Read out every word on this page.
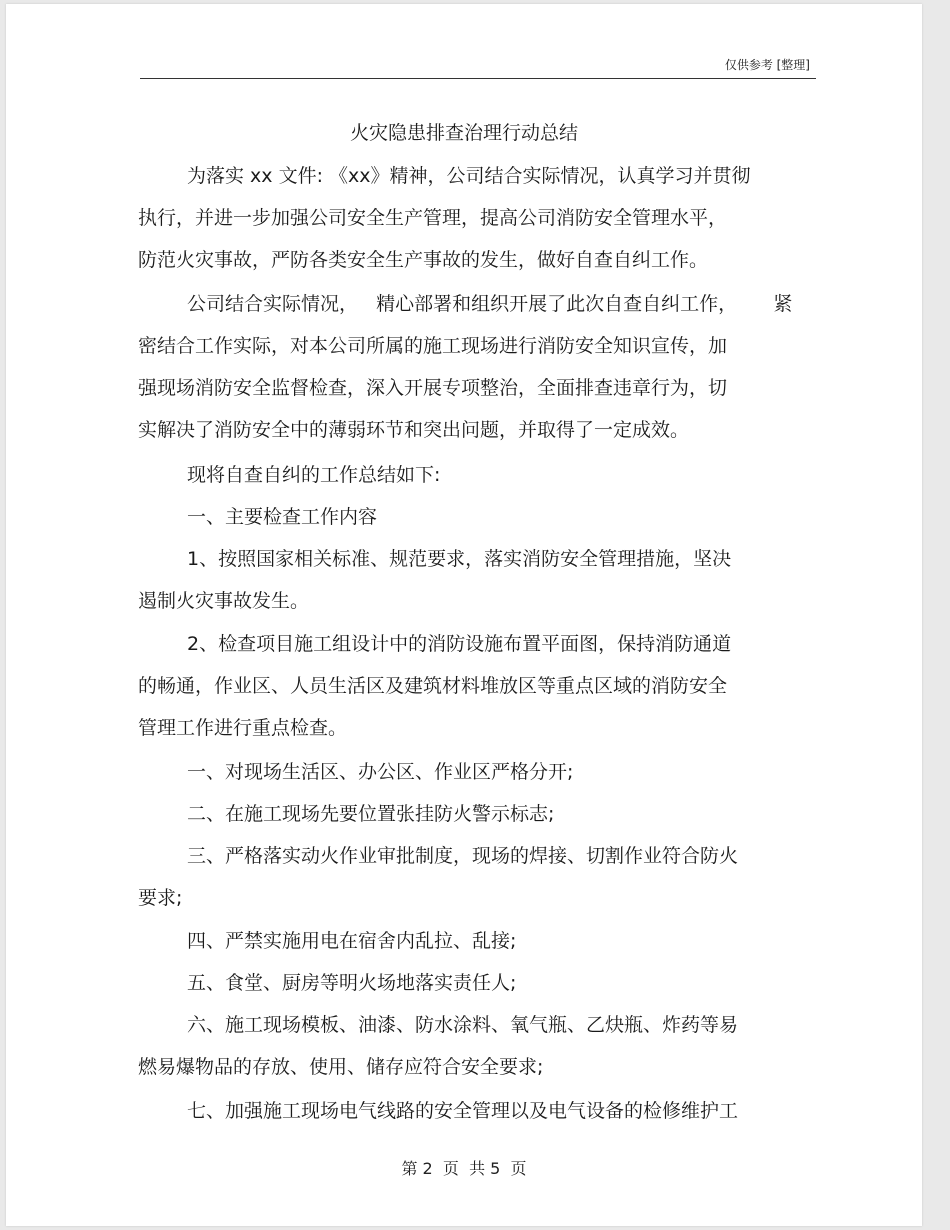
仅供参考 [整理]
火灾隐患排查治理行动总结
为落实 xx 文件: 《xx》精神，公司结合实际情况，认真学习并贯彻
执行，并进一步加强公司安全生产管理，提高公司消防安全管理水平，
防范火灾事故，严防各类安全生产事故的发生，做好自查自纠工作。
公司结合实际情况，   精心部署和组织开展了此次自查自纠工作，      紧
密结合工作实际，对本公司所属的施工现场进行消防安全知识宣传，加
强现场消防安全监督检查，深入开展专项整治，全面排查违章行为，切
实解决了消防安全中的薄弱环节和突出问题，并取得了一定成效。
现将自查自纠的工作总结如下:
一、主要检查工作内容
1、按照国家相关标准、规范要求，落实消防安全管理措施，坚决
遏制火灾事故发生。
2、检查项目施工组设计中的消防设施布置平面图，保持消防通道
的畅通，作业区、人员生活区及建筑材料堆放区等重点区域的消防安全
管理工作进行重点检查。
一、对现场生活区、办公区、作业区严格分开;
二、在施工现场先要位置张挂防火警示标志;
三、严格落实动火作业审批制度，现场的焊接、切割作业符合防火
要求;
四、严禁实施用电在宿舍内乱拉、乱接;
五、食堂、厨房等明火场地落实责任人;
六、施工现场模板、油漆、防水涂料、氧气瓶、乙炔瓶、炸药等易
燃易爆物品的存放、使用、储存应符合安全要求;
七、加强施工现场电气线路的安全管理以及电气设备的检修维护工
第 2  页  共 5  页
